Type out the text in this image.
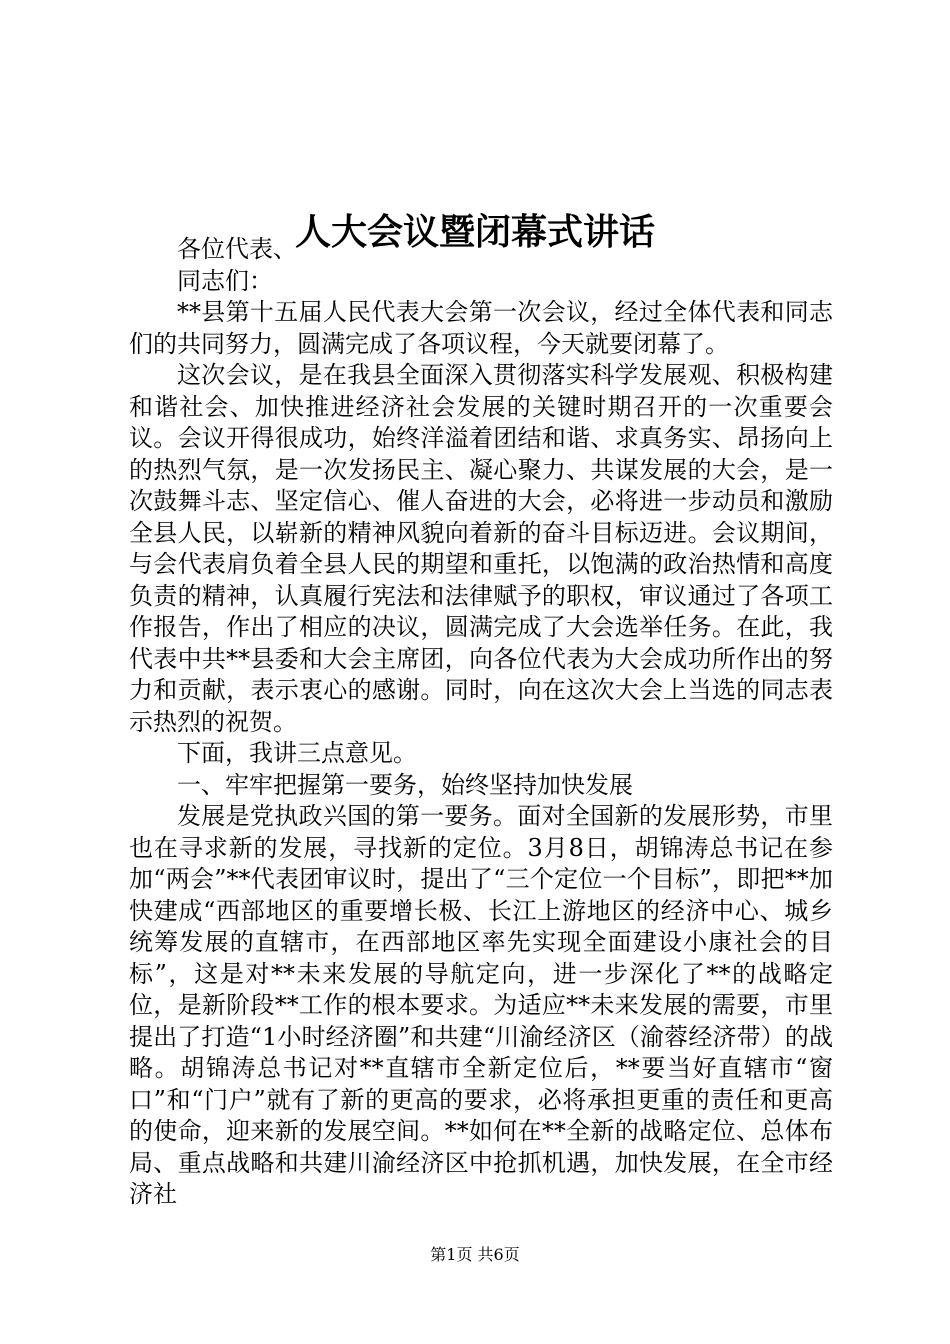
人大会议暨闭幕式讲话

各位代表、

同志们：

**县第十五届人民代表大会第一次会议，经过全体代表和同志们的共同努力，圆满完成了各项议程，今天就要闭幕了。

这次会议，是在我县全面深入贯彻落实科学发展观、积极构建和谐社会、加快推进经济社会发展的关键时期召开的一次重要会议。会议开得很成功，始终洋溢着团结和谐、求真务实、昂扬向上的热烈气氛，是一次发扬民主、凝心聚力、共谋发展的大会，是一次鼓舞斗志、坚定信心、催人奋进的大会，必将进一步动员和激励全县人民，以崭新的精神风貌向着新的奋斗目标迈进。会议期间，与会代表肩负着全县人民的期望和重托，以饱满的政治热情和高度负责的精神，认真履行宪法和法律赋予的职权，审议通过了各项工作报告，作出了相应的决议，圆满完成了大会选举任务。在此，我代表中共**县委和大会主席团，向各位代表为大会成功所作出的努力和贡献，表示衷心的感谢。同时，向在这次大会上当选的同志表示热烈的祝贺。

下面，我讲三点意见。

一、牢牢把握第一要务，始终坚持加快发展

发展是党执政兴国的第一要务。面对全国新的发展形势，市里也在寻求新的发展，寻找新的定位。3月8日，胡锦涛总书记在参加“两会”**代表团审议时，提出了“三个定位一个目标”，即把**加快建成“西部地区的重要增长极、长江上游地区的经济中心、城乡统筹发展的直辖市，在西部地区率先实现全面建设小康社会的目标”，这是对**未来发展的导航定向，进一步深化了**的战略定位，是新阶段**工作的根本要求。为适应**未来发展的需要，市里提出了打造“1小时经济圈”和共建“川渝经济区（渝蓉经济带）的战略。胡锦涛总书记对**直辖市全新定位后，**要当好直辖市“窗口”和“门户”就有了新的更高的要求，必将承担更重的责任和更高的使命，迎来新的发展空间。**如何在**全新的战略定位、总体布局、重点战略和共建川渝经济区中抢抓机遇，加快发展，在全市经济社

第1页 共6页
